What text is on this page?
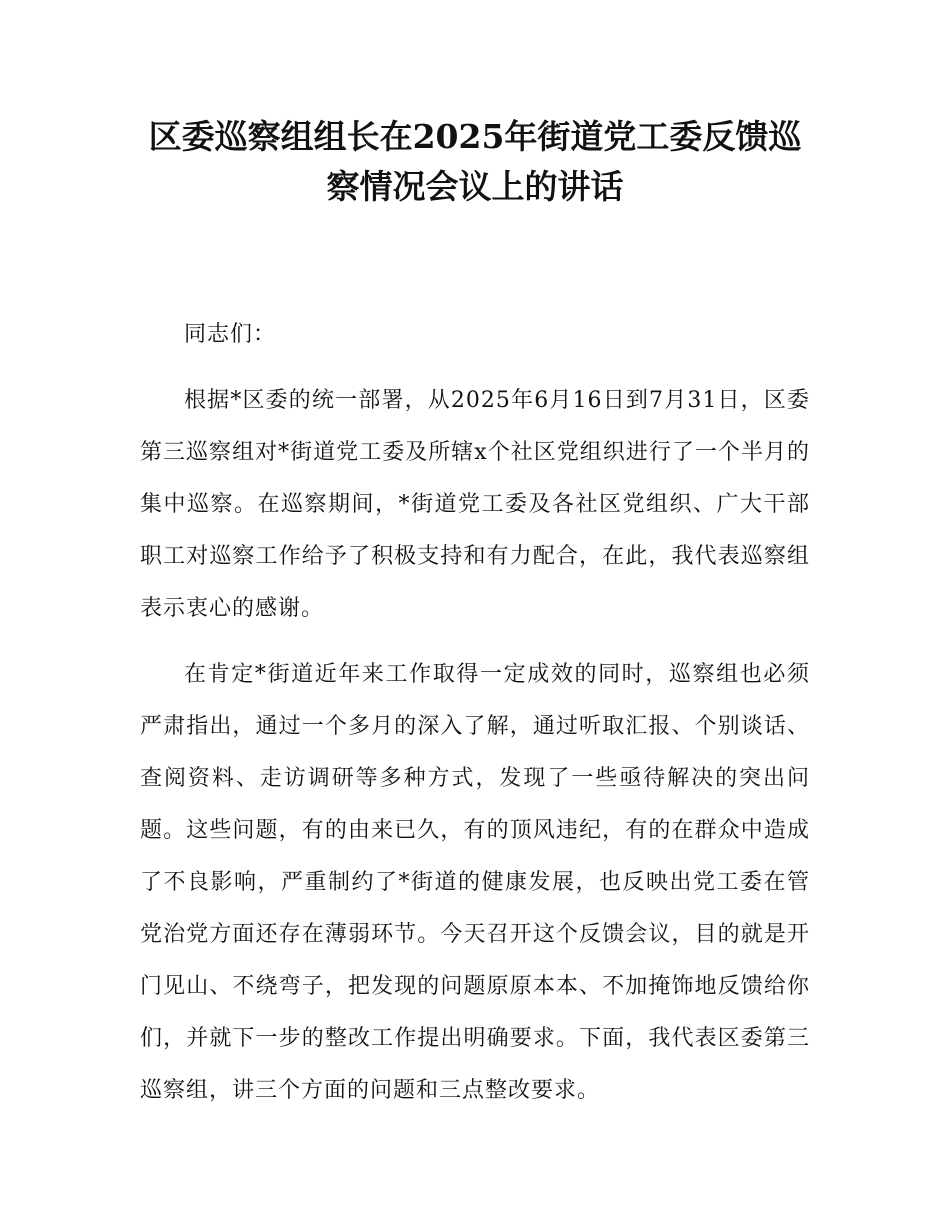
区委巡察组组长在2025年街道党工委反馈巡
察情况会议上的讲话

同志们：

根据*区委的统一部署，从2025年6月16日到7月31日，区委第三巡察组对*街道党工委及所辖x个社区党组织进行了一个半月的集中巡察。在巡察期间，*街道党工委及各社区党组织、广大干部职工对巡察工作给予了积极支持和有力配合，在此，我代表巡察组表示衷心的感谢。

在肯定*街道近年来工作取得一定成效的同时，巡察组也必须严肃指出，通过一个多月的深入了解，通过听取汇报、个别谈话、查阅资料、走访调研等多种方式，发现了一些亟待解决的突出问题。这些问题，有的由来已久，有的顶风违纪，有的在群众中造成了不良影响，严重制约了*街道的健康发展，也反映出党工委在管党治党方面还存在薄弱环节。今天召开这个反馈会议，目的就是开门见山、不绕弯子，把发现的问题原原本本、不加掩饰地反馈给你们，并就下一步的整改工作提出明确要求。下面，我代表区委第三巡察组，讲三个方面的问题和三点整改要求。
